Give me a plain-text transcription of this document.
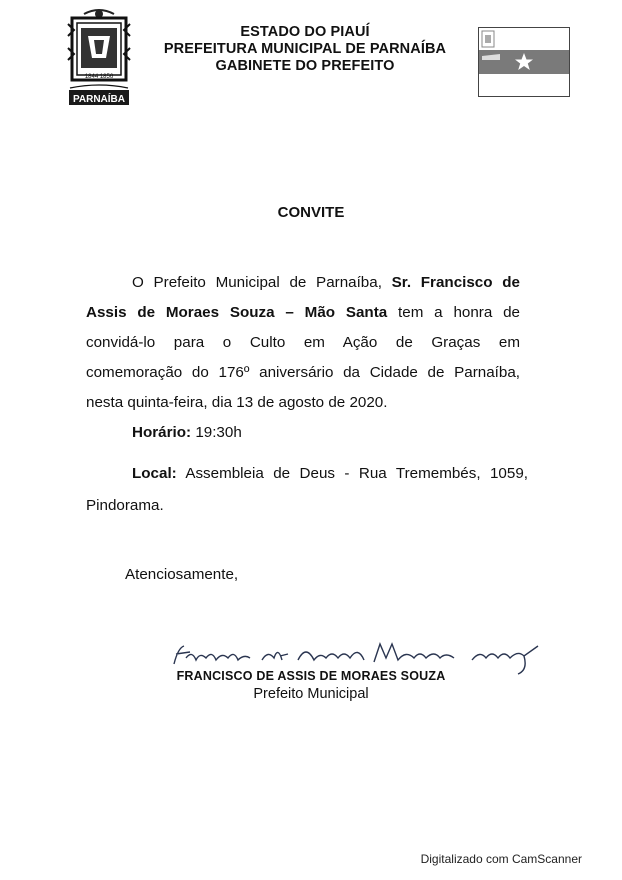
1844 1856
PARNAÍBA
ESTADO DO PIAUÍ
PREFEITURA MUNICIPAL DE PARNAÍBA
GABINETE DO PREFEITO
CONVITE
O Prefeito Municipal de Parnaíba, Sr. Francisco de
Assis de Moraes Souza – Mão Santa tem a honra de
convidá-lo para o Culto em Ação de Graças em
comemoração do 176º aniversário da Cidade de Parnaíba,
nesta quinta-feira, dia 13 de agosto de 2020.
Horário: 19:30h
Local: Assembleia de Deus - Rua Tremembés, 1059,
Pindorama.
Atenciosamente,
FRANCISCO DE ASSIS DE MORAES SOUZA
Prefeito Municipal
Digitalizado com CamScanner
